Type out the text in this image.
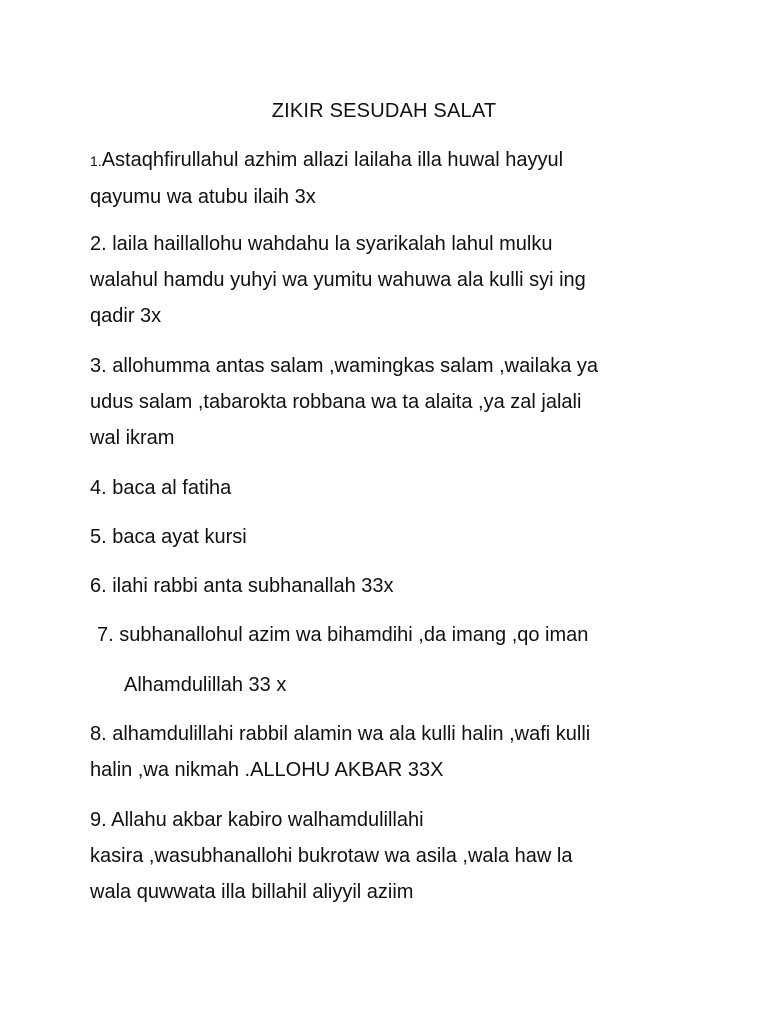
ZIKIR SESUDAH SALAT
1.Astaqhfirullahul azhim allazi lailaha illa huwal hayyul
qayumu wa atubu ilaih 3x
2. laila haillallohu wahdahu la syarikalah lahul mulku
walahul hamdu yuhyi wa yumitu wahuwa ala kulli syi ing
qadir 3x
3. allohumma antas salam ,wamingkas salam ,wailaka ya
udus salam ,tabarokta robbana wa ta alaita ,ya zal jalali
wal ikram
4. baca al fatiha
5. baca ayat kursi
6. ilahi rabbi anta subhanallah 33x
7. subhanallohul azim wa bihamdihi ,da imang ,qo iman
Alhamdulillah 33 x
8. alhamdulillahi rabbil alamin wa ala kulli halin ,wafi kulli
halin ,wa nikmah .ALLOHU AKBAR 33X
9. Allahu akbar kabiro walhamdulillahi
kasira ,wasubhanallohi bukrotaw wa asila ,wala haw la
wala quwwata illa billahil aliyyil aziim
